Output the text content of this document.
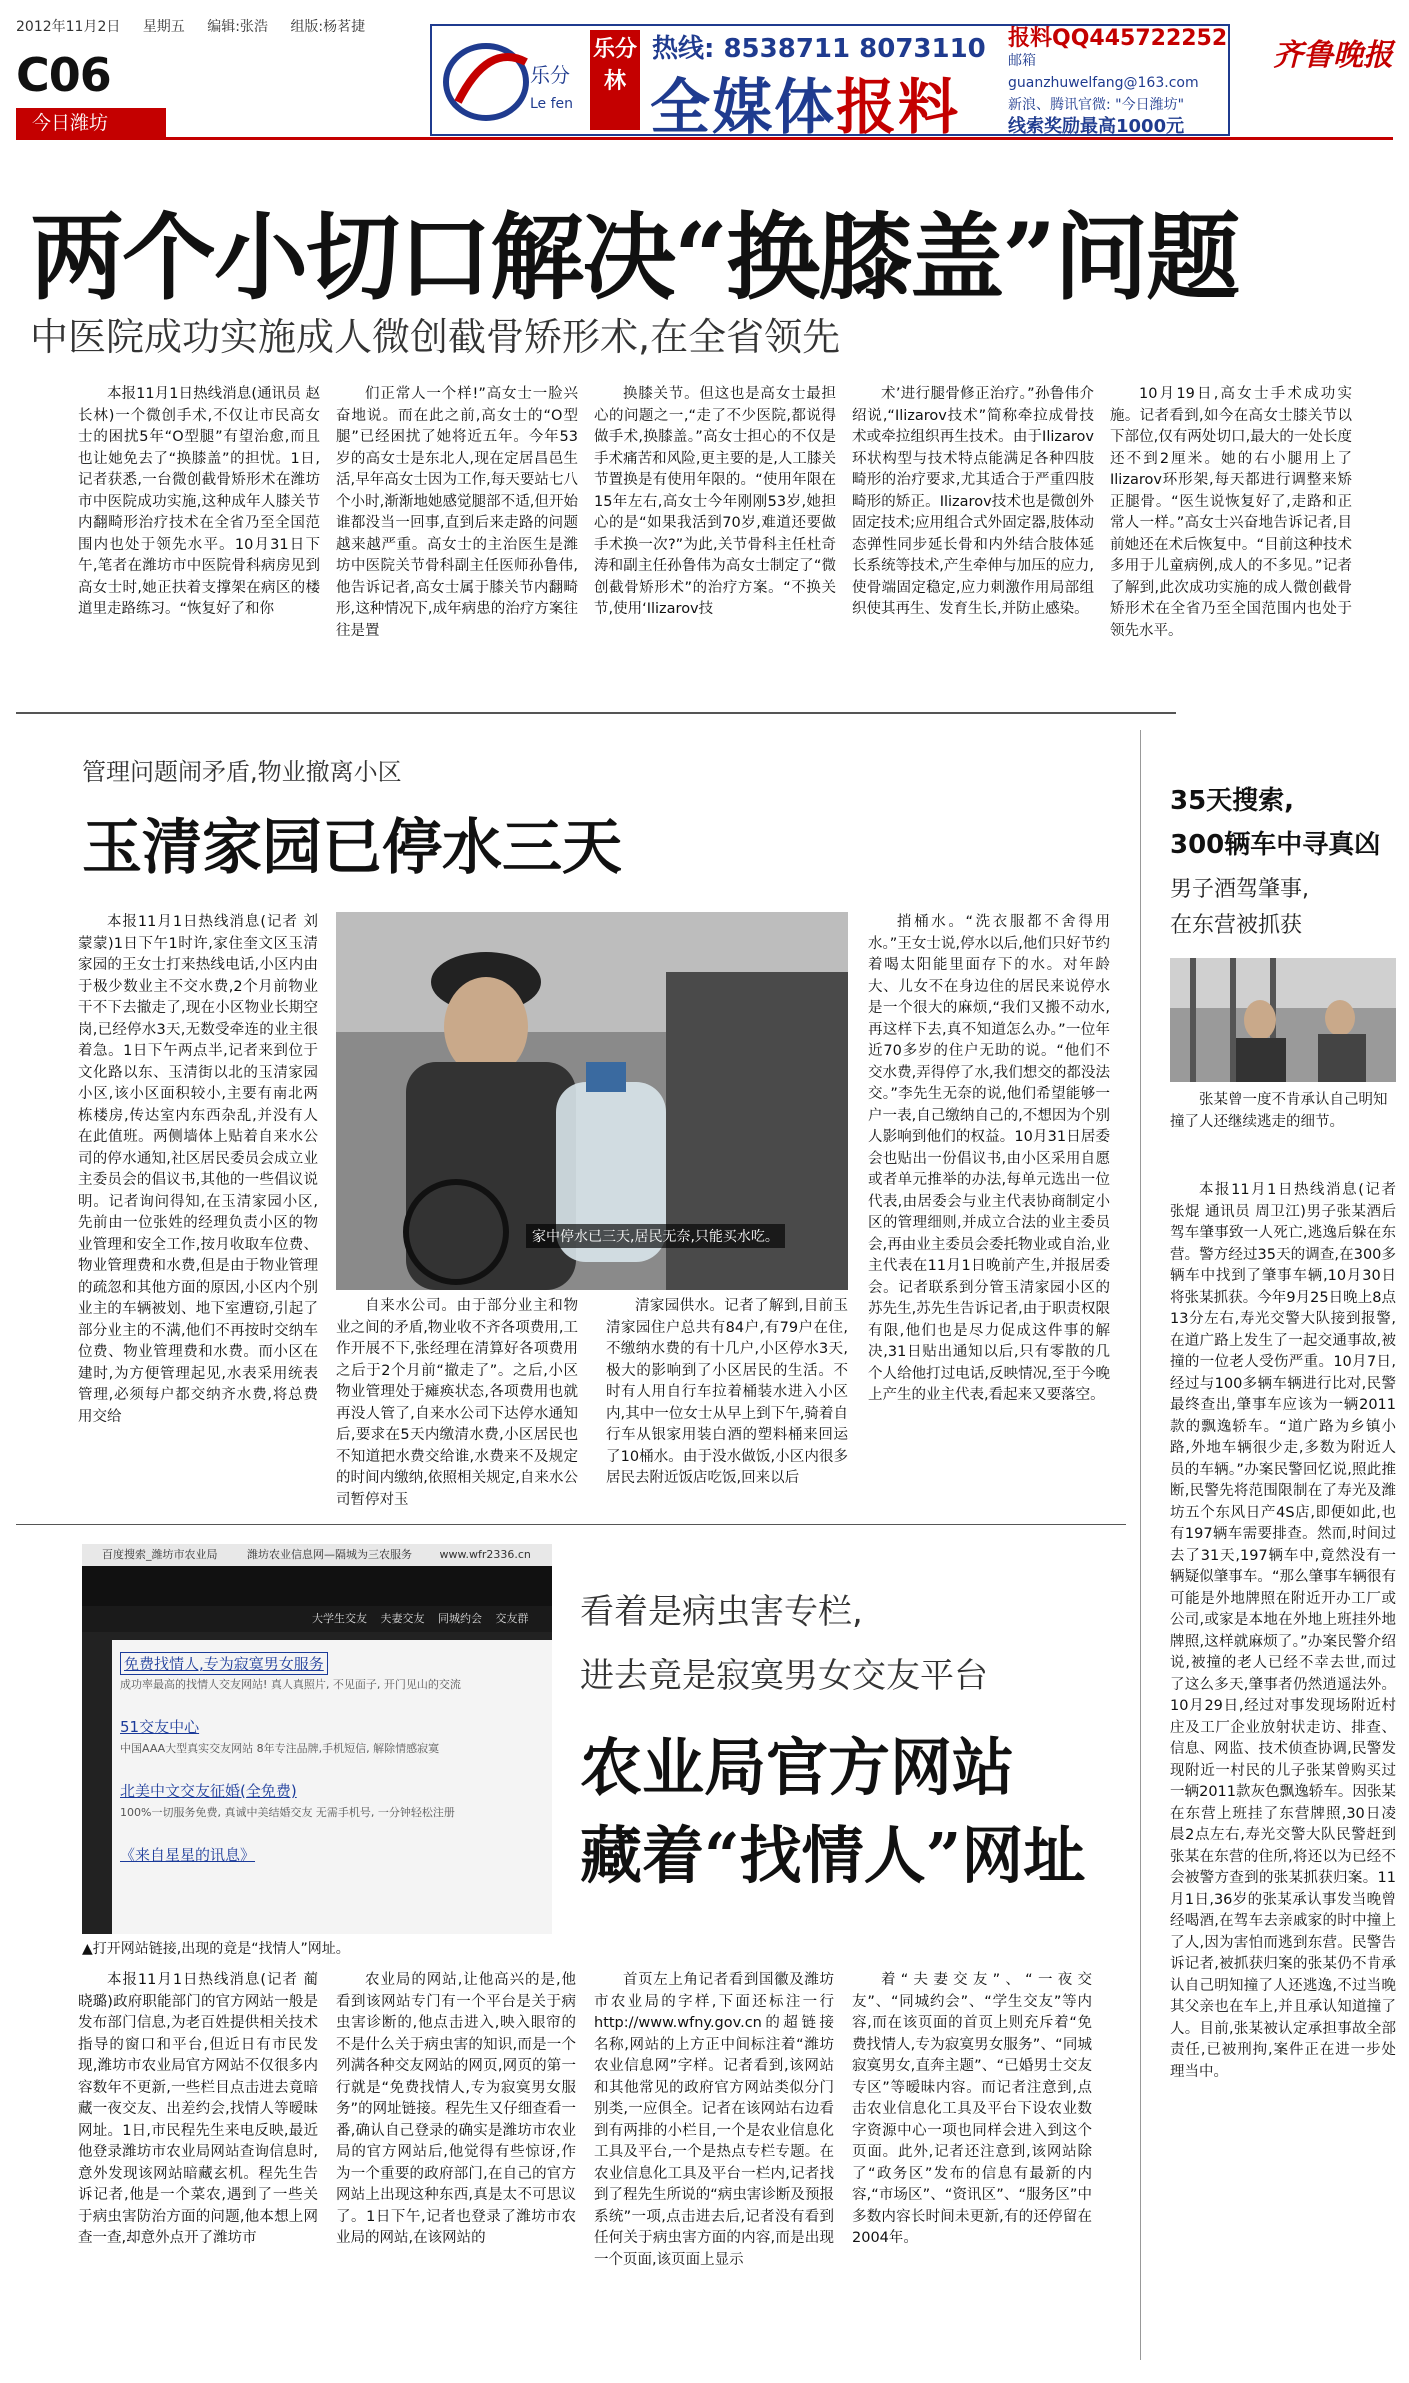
2012年11月2日 星期五 编辑:张浩 组版:杨茗捷
C06
今日潍坊
齐鲁晚报
乐分
Le fen
乐分林
热线: 8538711 8073110
全媒体报料
报料QQ445722252
邮箱 guanzhuwelfang@163.com
新浪、腾讯官微: "今日潍坊"
线索奖励最高1000元
两个小切口解决“换膝盖”问题
中医院成功实施成人微创截骨矫形术,在全省领先

本报11月1日热线消息(通讯员 赵长林)一个微创手术,不仅让市民高女士的困扰5年“O型腿”有望治愈,而且也让她免去了“换膝盖”的担忧。1日,记者获悉,一台微创截骨矫形术在潍坊市中医院成功实施,这种成年人膝关节内翻畸形治疗技术在全省乃至全国范围内也处于领先水平。10月31日下午,笔者在潍坊市中医院骨科病房见到高女士时,她正扶着支撑架在病区的楼道里走路练习。“恢复好了和你

们正常人一个样!”高女士一脸兴奋地说。而在此之前,高女士的“O型腿”已经困扰了她将近五年。今年53岁的高女士是东北人,现在定居昌邑生活,早年高女士因为工作,每天要站七八个小时,渐渐地她感觉腿部不适,但开始谁都没当一回事,直到后来走路的问题越来越严重。高女士的主治医生是潍坊中医院关节骨科副主任医师孙鲁伟,他告诉记者,高女士属于膝关节内翻畸形,这种情况下,成年病患的治疗方案往往是置

换膝关节。但这也是高女士最担心的问题之一,“走了不少医院,都说得做手术,换膝盖。”高女士担心的不仅是手术痛苦和风险,更主要的是,人工膝关节置换是有使用年限的。“使用年限在15年左右,高女士今年刚刚53岁,她担心的是“如果我活到70岁,难道还要做手术换一次?”为此,关节骨科主任杜奇涛和副主任孙鲁伟为高女士制定了“微创截骨矫形术”的治疗方案。“不换关节,使用‘Ilizarov技

术’进行腿骨修正治疗。”孙鲁伟介绍说,“Ilizarov技术”简称牵拉成骨技术或牵拉组织再生技术。由于Ilizarov环状构型与技术特点能满足各种四肢畸形的治疗要求,尤其适合于严重四肢畸形的矫正。Ilizarov技术也是微创外固定技术;应用组合式外固定器,肢体动态弹性同步延长骨和内外结合肢体延长系统等技术,产生牵伸与加压的应力,使骨端固定稳定,应力刺激作用局部组织使其再生、发育生长,并防止感染。

10月19日,高女士手术成功实施。记者看到,如今在高女士膝关节以下部位,仅有两处切口,最大的一处长度还不到2厘米。她的右小腿用上了Ilizarov环形架,每天都进行调整来矫正腿骨。“医生说恢复好了,走路和正常人一样。”高女士兴奋地告诉记者,目前她还在术后恢复中。“目前这种技术多用于儿童病例,成人的不多见。”记者了解到,此次成功实施的成人微创截骨矫形术在全省乃至全国范围内也处于领先水平。

管理问题闹矛盾,物业撤离小区
玉清家园已停水三天

本报11月1日热线消息(记者 刘蒙蒙)1日下午1时许,家住奎文区玉清家园的王女士打来热线电话,小区内由于极少数业主不交水费,2个月前物业干不下去撤走了,现在小区物业长期空岗,已经停水3天,无数受牵连的业主很着急。1日下午两点半,记者来到位于文化路以东、玉清街以北的玉清家园小区,该小区面积较小,主要有南北两栋楼房,传达室内东西杂乱,并没有人在此值班。两侧墙体上贴着自来水公司的停水通知,社区居民委员会成立业主委员会的倡议书,其他的一些倡议说明。记者询问得知,在玉清家园小区,先前由一位张姓的经理负责小区的物业管理和安全工作,按月收取车位费、物业管理费和水费,但是由于物业管理的疏忽和其他方面的原因,小区内个别业主的车辆被划、地下室遭窃,引起了部分业主的不满,他们不再按时交纳车位费、物业管理费和水费。而小区在建时,为方便管理起见,水表采用统表管理,必须每户都交纳齐水费,将总费用交给

家中停水已三天,居民无奈,只能买水吃。

自来水公司。由于部分业主和物业之间的矛盾,物业收不齐各项费用,工作开展不下,张经理在清算好各项费用之后于2个月前“撤走了”。之后,小区物业管理处于瘫痪状态,各项费用也就再没人管了,自来水公司下达停水通知后,要求在5天内缴清水费,小区居民也不知道把水费交给谁,水费来不及规定的时间内缴纳,依照相关规定,自来水公司暂停对玉

清家园供水。记者了解到,目前玉清家园住户总共有84户,有79户在住,不缴纳水费的有十几户,小区停水3天,极大的影响到了小区居民的生活。不时有人用自行车拉着桶装水进入小区内,其中一位女士从早上到下午,骑着自行车从银家用装白酒的塑料桶来回运了10桶水。由于没水做饭,小区内很多居民去附近饭店吃饭,回来以后

捎桶水。“洗衣服都不舍得用水。”王女士说,停水以后,他们只好节约着喝太阳能里面存下的水。对年龄大、儿女不在身边住的居民来说停水是一个很大的麻烦,“我们又搬不动水,再这样下去,真不知道怎么办。”一位年近70多岁的住户无助的说。“他们不交水费,弄得停了水,我们想交的都没法交。”李先生无奈的说,他们希望能够一户一表,自己缴纳自己的,不想因为个别人影响到他们的权益。10月31日居委会也贴出一份倡议书,由小区采用自愿或者单元推举的办法,每单元选出一位代表,由居委会与业主代表协商制定小区的管理细则,并成立合法的业主委员会,再由业主委员会委托物业或自治,业主代表在11月1日晚前产生,并报居委会。记者联系到分管玉清家园小区的苏先生,苏先生告诉记者,由于职责权限有限,他们也是尽力促成这件事的解决,31日贴出通知以后,只有零散的几个人给他打过电话,反映情况,至于今晚上产生的业主代表,看起来又要落空。

35天搜索,
300辆车中寻真凶
男子酒驾肇事,
在东营被抓获

张某曾一度不肯承认自己明知撞了人还继续逃走的细节。

本报11月1日热线消息(记者 张焜 通讯员 周卫江)男子张某酒后驾车肇事致一人死亡,逃逸后躲在东营。警方经过35天的调查,在300多辆车中找到了肇事车辆,10月30日将张某抓获。今年9月25日晚上8点13分左右,寿光交警大队接到报警,在道广路上发生了一起交通事故,被撞的一位老人受伤严重。10月7日,经过与100多辆车辆进行比对,民警最终查出,肇事车应该为一辆2011款的飘逸轿车。“道广路为乡镇小路,外地车辆很少走,多数为附近人员的车辆。”办案民警回忆说,照此推断,民警先将范围限制在了寿光及潍坊五个东风日产4S店,即便如此,也有197辆车需要排查。然而,时间过去了31天,197辆车中,竟然没有一辆疑似肇事车。“那么肇事车辆很有可能是外地牌照在附近开办工厂或公司,或家是本地在外地上班挂外地牌照,这样就麻烦了。”办案民警介绍说,被撞的老人已经不幸去世,而过了这么多天,肇事者仍然逍遥法外。10月29日,经过对事发现场附近村庄及工厂企业放射状走访、排查、信息、网监、技术侦查协调,民警发现附近一村民的儿子张某曾购买过一辆2011款灰色飘逸轿车。因张某在东营上班挂了东营牌照,30日凌晨2点左右,寿光交警大队民警赶到张某在东营的住所,将还以为已经不会被警方查到的张某抓获归案。11月1日,36岁的张某承认事发当晚曾经喝酒,在驾车去亲戚家的时中撞上了人,因为害怕而逃到东营。民警告诉记者,被抓获归案的张某仍不肯承认自己明知撞了人还逃逸,不过当晚其父亲也在车上,并且承认知道撞了人。目前,张某被认定承担事故全部责任,已被刑拘,案件正在进一步处理当中。

百度搜索_潍坊市农业局	潍坊农业信息网—隔城为三农服务	www.wfr2336.cn
大学生交友 夫妻交友 同城约会 交友群
免费找情人,专为寂寞男女服务
成功率最高的找情人交友网站! 真人真照片, 不见面子, 开门见山的交流
51交友中心
中国AAA大型真实交友网站 8年专注品牌,手机短信, 解除情感寂寞
北美中文交友征婚(全免费)
100%一切服务免费, 真诚中美结婚交友 无需手机号, 一分钟轻松注册
《来自星星的讯息》
▲打开网站链接,出现的竟是“找情人”网址。
看着是病虫害专栏,
进去竟是寂寞男女交友平台
农业局官方网站
藏着“找情人”网址

本报11月1日热线消息(记者 蔺晓璐)政府职能部门的官方网站一般是发布部门信息,为老百姓提供相关技术指导的窗口和平台,但近日有市民发现,潍坊市农业局官方网站不仅很多内容数年不更新,一些栏目点击进去竟暗藏一夜交友、出差约会,找情人等暧昧网址。1日,市民程先生来电反映,最近他登录潍坊市农业局网站查询信息时,意外发现该网站暗藏玄机。程先生告诉记者,他是一个菜农,遇到了一些关于病虫害防治方面的问题,他本想上网查一查,却意外点开了潍坊市

农业局的网站,让他高兴的是,他看到该网站专门有一个平台是关于病虫害诊断的,他点击进入,映入眼帘的不是什么关于病虫害的知识,而是一个列满各种交友网站的网页,网页的第一行就是“免费找情人,专为寂寞男女服务”的网址链接。程先生又仔细查看一番,确认自己登录的确实是潍坊市农业局的官方网站后,他觉得有些惊讶,作为一个重要的政府部门,在自己的官方网站上出现这种东西,真是太不可思议了。1日下午,记者也登录了潍坊市农业局的网站,在该网站的

首页左上角记者看到国徽及潍坊市农业局的字样,下面还标注一行http://www.wfny.gov.cn的超链接名称,网站的上方正中间标注着“潍坊农业信息网”字样。记者看到,该网站和其他常见的政府官方网站类似分门别类,一应俱全。记者在该网站右边看到有两排的小栏目,一个是农业信息化工具及平台,一个是热点专栏专题。在农业信息化工具及平台一栏内,记者找到了程先生所说的“病虫害诊断及预报系统”一项,点击进去后,记者没有看到任何关于病虫害方面的内容,而是出现一个页面,该页面上显示

着“夫妻交友”、“一夜交友”、“同城约会”、“学生交友”等内容,而在该页面的首页上则充斥着“免费找情人,专为寂寞男女服务”、“同城寂寞男女,直奔主题”、“已婚男士交友专区”等暧昧内容。而记者注意到,点击农业信息化工具及平台下设农业数字资源中心一项也同样会进入到这个页面。此外,记者还注意到,该网站除了“政务区”发布的信息有最新的内容,“市场区”、“资讯区”、“服务区”中多数内容长时间未更新,有的还停留在2004年。
